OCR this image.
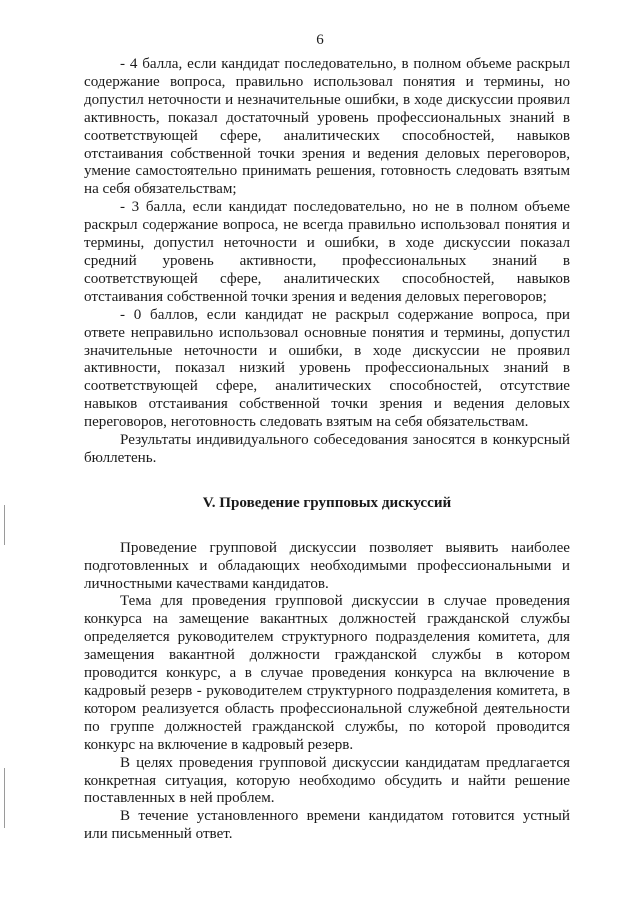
6

- 4 балла, если кандидат последовательно, в полном объеме раскрыл содержание вопроса, правильно использовал понятия и термины, но допустил неточности и незначительные ошибки, в ходе дискуссии проявил активность, показал достаточный уровень профессиональных знаний в соответствующей сфере, аналитических способностей, навыков отстаивания собственной точки зрения и ведения деловых переговоров, умение самостоятельно принимать решения, готовность следовать взятым на себя обязательствам;

- 3 балла, если кандидат последовательно, но не в полном объеме раскрыл содержание вопроса, не всегда правильно использовал понятия и термины, допустил неточности и ошибки, в ходе дискуссии показал средний уровень активности, профессиональных знаний в соответствующей сфере, аналитических способностей, навыков отстаивания собственной точки зрения и ведения деловых переговоров;

- 0 баллов, если кандидат не раскрыл содержание вопроса, при ответе неправильно использовал основные понятия и термины, допустил значительные неточности и ошибки, в ходе дискуссии не проявил активности, показал низкий уровень профессиональных знаний в соответствующей сфере, аналитических способностей, отсутствие навыков отстаивания собственной точки зрения и ведения деловых переговоров, неготовность следовать взятым на себя обязательствам.

Результаты индивидуального собеседования заносятся в конкурсный бюллетень.

V. Проведение групповых дискуссий

Проведение групповой дискуссии позволяет выявить наиболее подготовленных и обладающих необходимыми профессиональными и личностными качествами кандидатов.

Тема для проведения групповой дискуссии в случае проведения конкурса на замещение вакантных должностей гражданской службы определяется руководителем структурного подразделения комитета, для замещения вакантной должности гражданской службы в котором проводится конкурс, а в случае проведения конкурса на включение в кадровый резерв - руководителем структурного подразделения комитета, в котором реализуется область профессиональной служебной деятельности по группе должностей гражданской службы, по которой проводится конкурс на включение в кадровый резерв.

В целях проведения групповой дискуссии кандидатам предлагается конкретная ситуация, которую необходимо обсудить и найти решение поставленных в ней проблем.

В течение установленного времени кандидатом готовится устный или письменный ответ.
